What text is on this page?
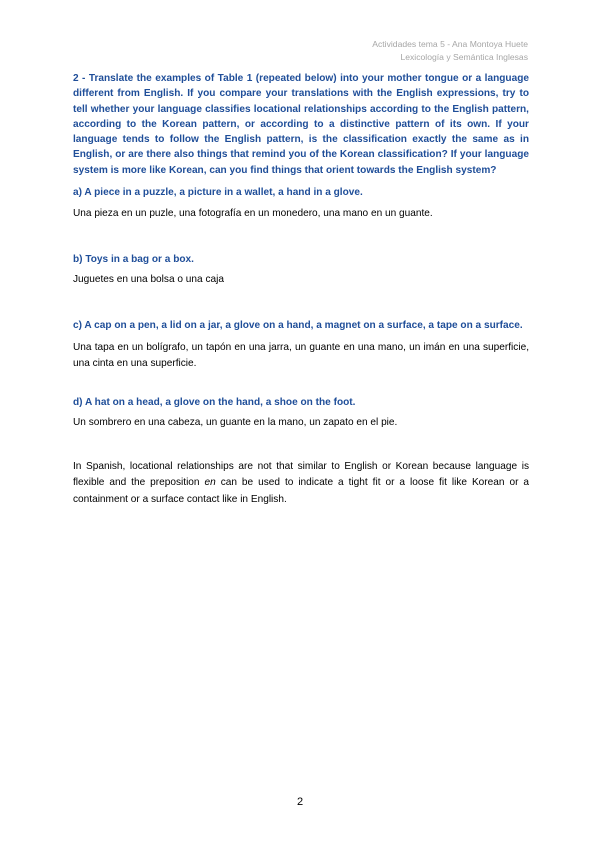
Actividades tema 5 - Ana Montoya Huete
Lexicología y Semántica Inglesas

2 - Translate the examples of Table 1 (repeated below) into your mother tongue or a language different from English. If you compare your translations with the English expressions, try to tell whether your language classifies locational relationships according to the English pattern, according to the Korean pattern, or according to a distinctive pattern of its own. If your language tends to follow the English pattern, is the classification exactly the same as in English, or are there also things that remind you of the Korean classification? If your language system is more like Korean, can you find things that orient towards the English system?

a) A piece in a puzzle, a picture in a wallet, a hand in a glove.

Una pieza en un puzle, una fotografía en un monedero, una mano en un guante.

b) Toys in a bag or a box.

Juguetes en una bolsa o una caja

c) A cap on a pen, a lid on a jar, a glove on a hand, a magnet on a surface, a tape on a surface.

Una tapa en un bolígrafo, un tapón en una jarra, un guante en una mano, un imán en una superficie, una cinta en una superficie.

d) A hat on a head, a glove on the hand, a shoe on the foot.

Un sombrero en una cabeza, un guante en la mano, un zapato en el pie.

In Spanish, locational relationships are not that similar to English or Korean because language is flexible and the preposition en can be used to indicate a tight fit or a loose fit like Korean or a containment or a surface contact like in English.

2
